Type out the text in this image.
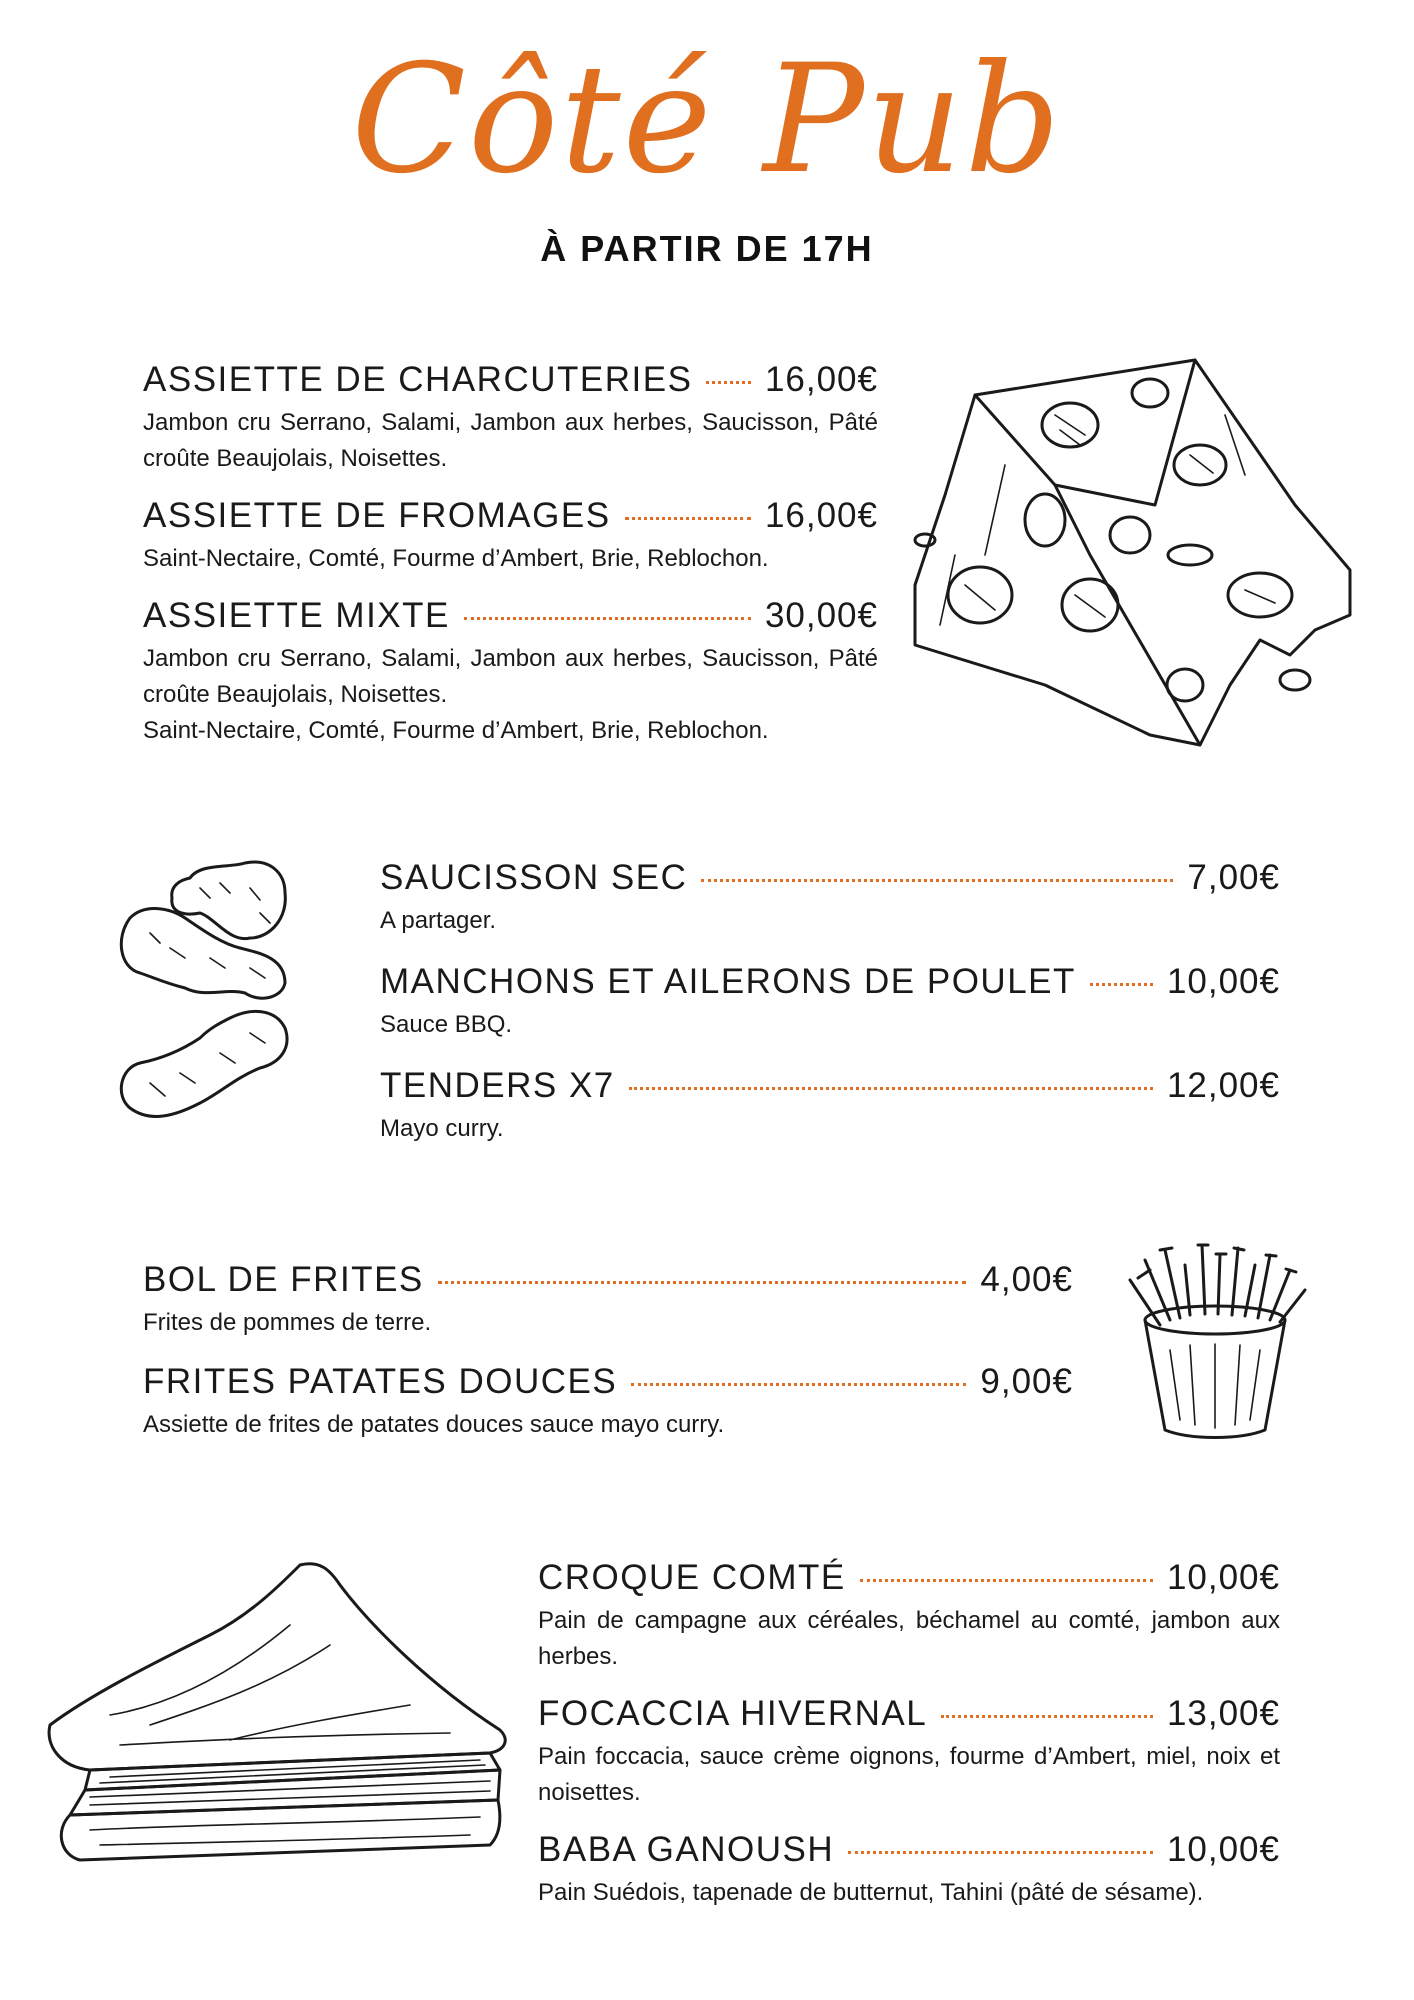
Côté Pub
À PARTIR DE 17H
ASSIETTE DE CHARCUTERIES 16,00€
Jambon cru Serrano, Salami, Jambon aux herbes, Saucisson, Pâté croûte Beaujolais, Noisettes.
ASSIETTE DE FROMAGES	16,00€
Saint-Nectaire, Comté, Fourme d’Ambert, Brie, Reblochon.
ASSIETTE MIXTE	30,00€
Jambon cru Serrano, Salami, Jambon aux herbes, Saucisson, Pâté croûte Beaujolais, Noisettes.
Saint-Nectaire, Comté, Fourme d’Ambert, Brie, Reblochon.
SAUCISSON SEC	7,00€
A partager.
MANCHONS ET AILERONS DE POULET	10,00€
Sauce BBQ.
TENDERS X7	12,00€
Mayo curry.
BOL DE FRITES	4,00€
Frites de pommes de terre.
FRITES PATATES DOUCES	9,00€
Assiette de frites de patates douces sauce mayo curry.
CROQUE COMTÉ	10,00€
Pain de campagne aux céréales, béchamel au comté, jambon aux herbes.
FOCACCIA HIVERNAL	13,00€
Pain foccacia, sauce crème oignons, fourme d’Ambert, miel, noix et noisettes.
BABA GANOUSH	10,00€
Pain Suédois, tapenade de butternut, Tahini (pâté de sésame).
